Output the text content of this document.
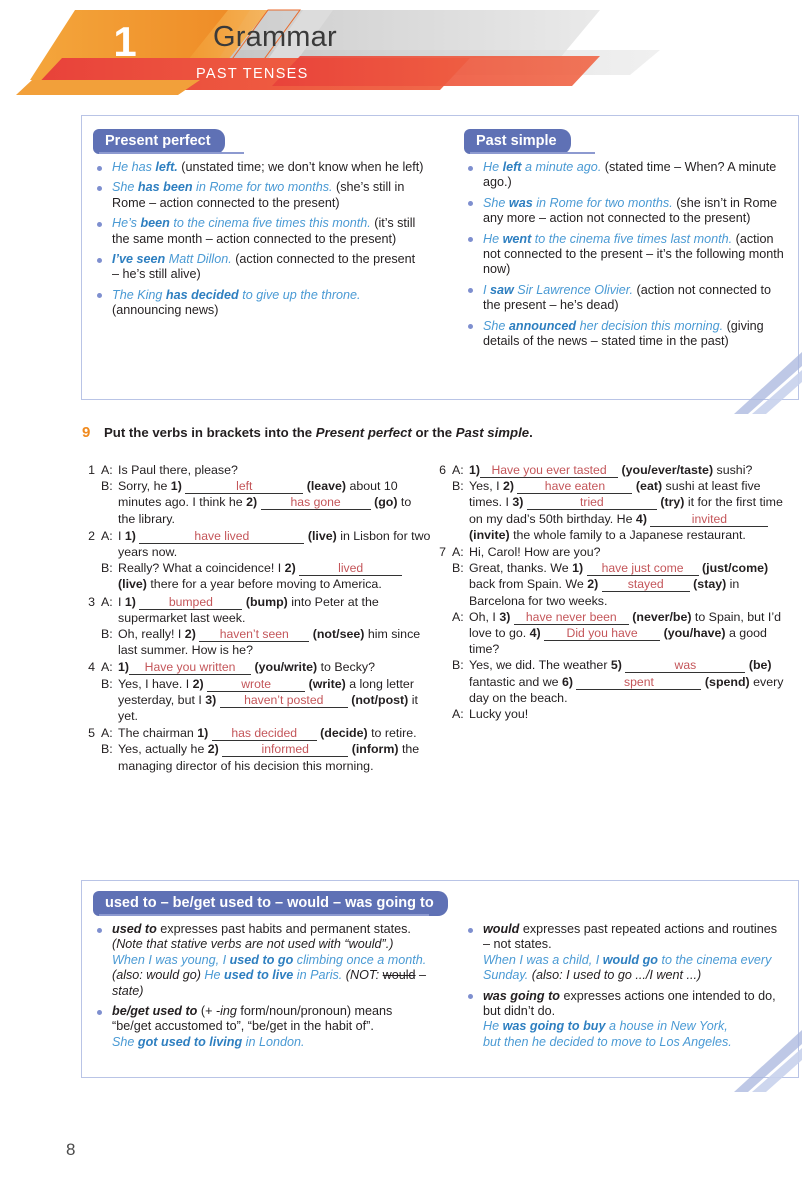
1	Grammar
PAST TENSES
Present perfect	Past simple
He has left. (unstated time; we don’t know when he left)
She has been in Rome for two months. (she’s still in Rome – action connected to the present)
He’s been to the cinema five times this month. (it’s still the same month – action connected to the present)
I’ve seen Matt Dillon. (action connected to the present – he’s still alive)
The King has decided to give up the throne. (announcing news)
He left a minute ago. (stated time – When? A minute ago.)
She was in Rome for two months. (she isn’t in Rome any more – action not connected to the present)
He went to the cinema five times last month. (action not connected to the present – it’s the following month now)
I saw Sir Lawrence Olivier. (action not connected to the present – he’s dead)
She announced her decision this morning. (giving details of the news – stated time in the past)
9 Put the verbs in brackets into the Present perfect or the Past simple.
1 A: Is Paul there, please?
B: Sorry, he 1)	left	(leave) about 10 minutes ago. I think he 2)	has gone	(go) to the library.
2 A: I 1)	have lived	(live) in Lisbon for two years now.
B: Really? What a coincidence! I 2)	lived (live) there for a year before moving to America.
3 A: I 1)	bumped	(bump) into Peter at the supermarket last week.
B: Oh, really! I 2) haven’t seen (not/see) him since last summer. How is he?
4 A: 1) Have you written (you/write) to Becky?
B: Yes, I have. I 2)	wrote	(write) a long letter yesterday, but I 3) haven’t posted (not/post) it yet.
5 A: The chairman 1) has decided (decide) to retire.
B: Yes, actually he 2)	informed	(inform) the managing director of his decision this morning.
6 A: 1) Have you ever tasted (you/ever/taste) sushi?
B: Yes, I 2)	have eaten (eat) sushi at least five times. I 3)	tried	(try) it for the first time on my dad’s 50th birthday. He 4)	invited (invite) the whole family to a Japanese restaurant.
7 A: Hi, Carol! How are you?
B: Great, thanks. We 1) have just come (just/come) back from Spain. We 2) stayed (stay) in Barcelona for two weeks.
A: Oh, I 3) have never been (never/be) to Spain, but I’d love to go. 4) Did you have (you/have) a good time?
B: Yes, we did. The weather 5)	was	(be) fantastic and we 6)	spent	(spend) every day on the beach.
A: Lucky you!
used to – be/get used to – would – was going to
used to expresses past habits and permanent states.
(Note that stative verbs are not used with “would”.)
When I was young, I used to go climbing once a month.
(also: would go) He used to live in Paris. (NOT: would – state)
be/get used to (+ -ing form/noun/pronoun) means “be/get accustomed to”, “be/get in the habit of”.
She got used to living in London.
would expresses past repeated actions and routines – not states.
When I was a child, I would go to the cinema every Sunday. (also: I used to go .../I went ...)
was going to expresses actions one intended to do, but didn’t do.
He was going to buy a house in New York,
but then he decided to move to Los Angeles.
8
